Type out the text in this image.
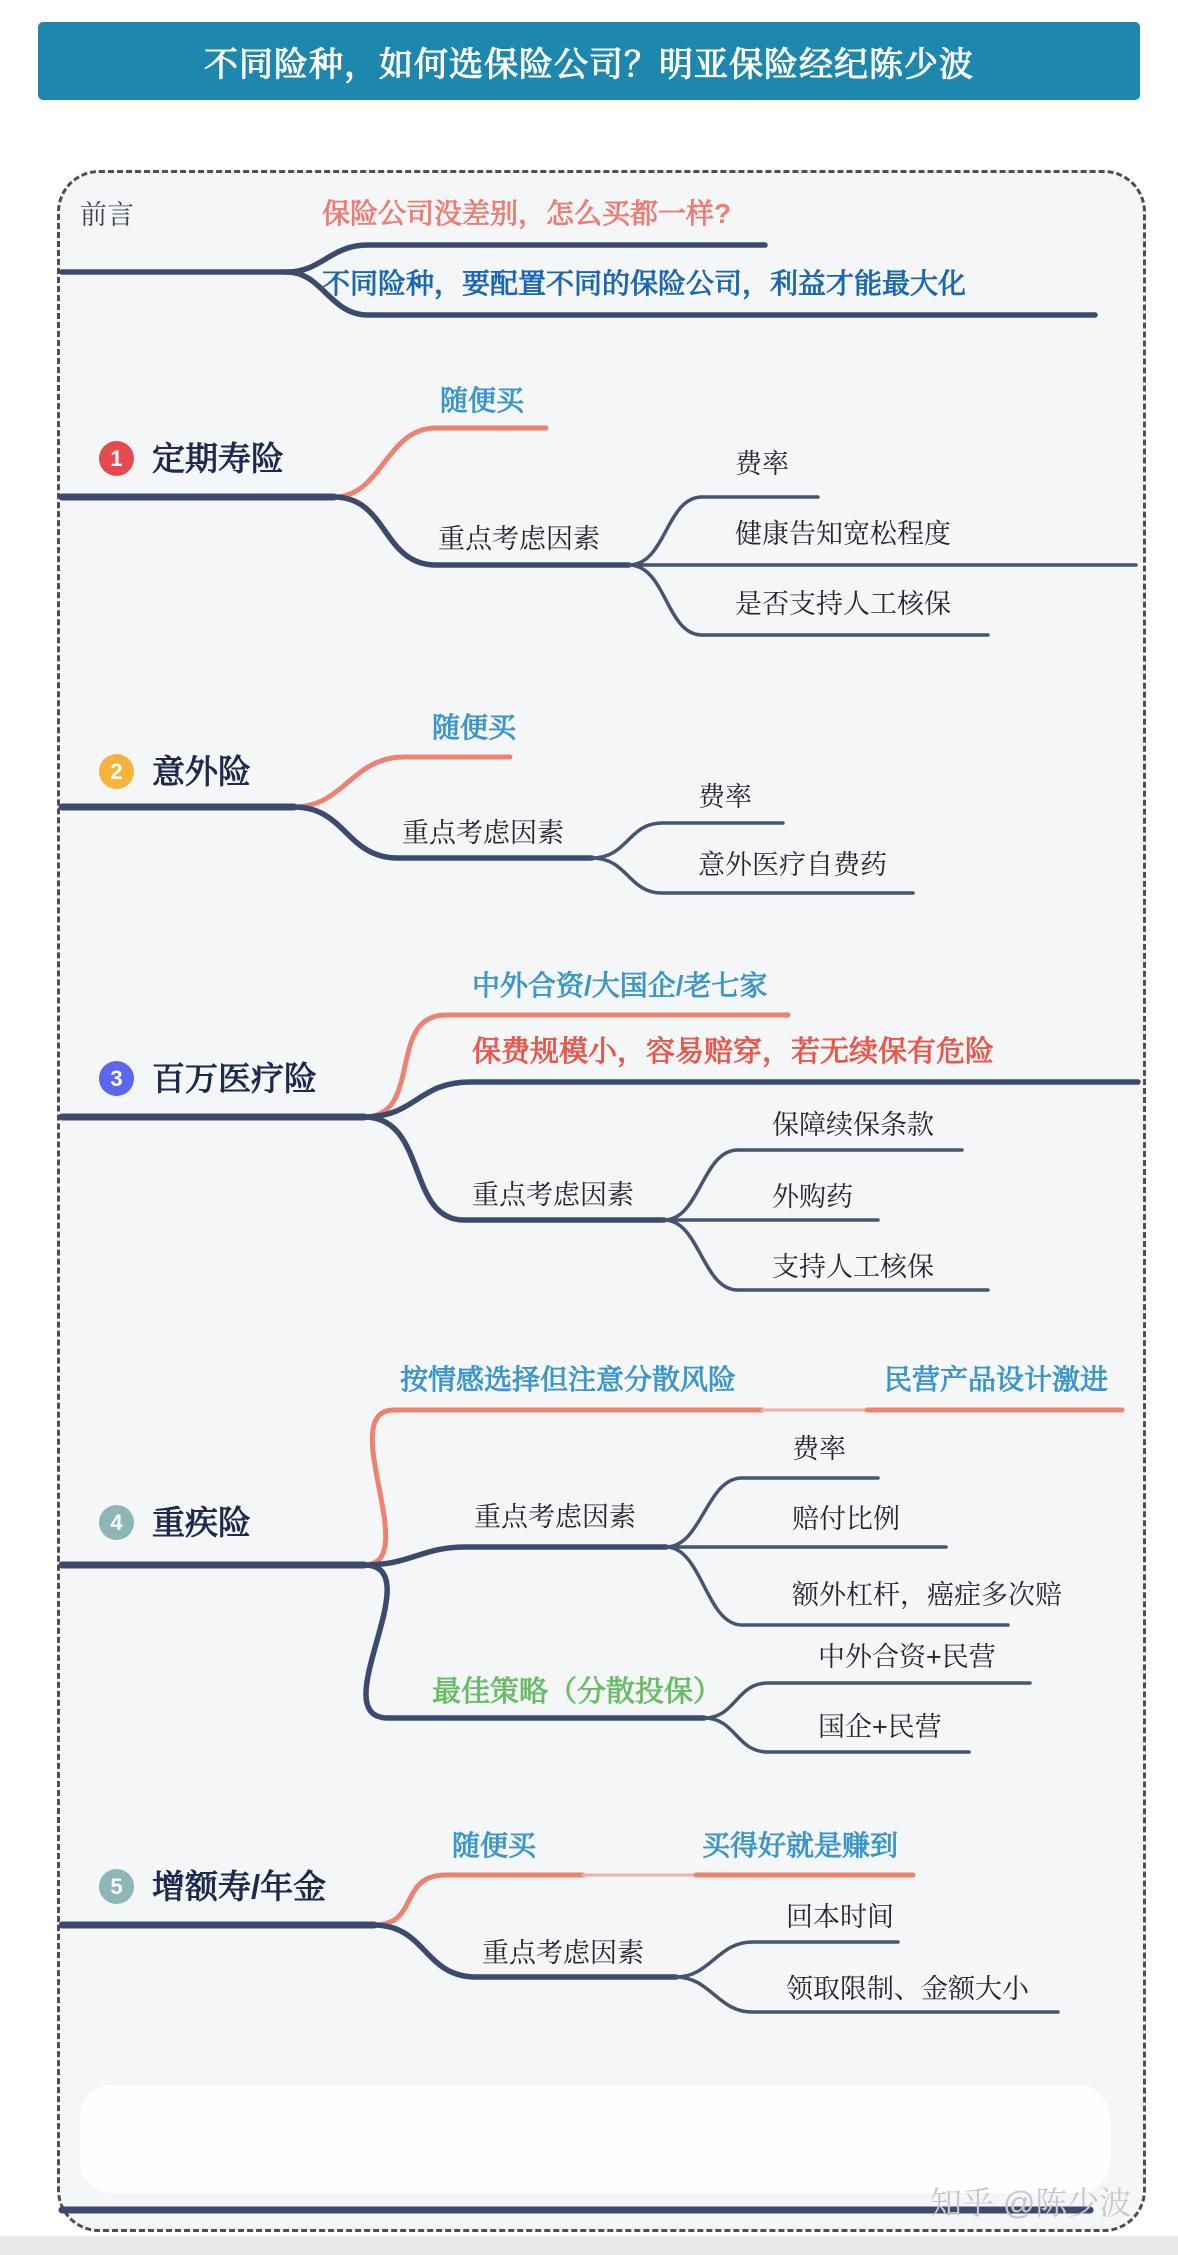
不同险种，如何选保险公司？明亚保险经纪陈少波
前言	保险公司没差别，怎么买都一样?
不同险种，要配置不同的保险公司，利益才能最大化
1 定期寿险
随便买
重点考虑因素
费率
健康告知宽松程度
是否支持人工核保
2 意外险
随便买
重点考虑因素
费率
意外医疗自费药
3 百万医疗险
中外合资/大国企/老七家
保费规模小，容易赔穿，若无续保有危险
重点考虑因素
保障续保条款
外购药
支持人工核保
4 重疾险
按情感选择但注意分散风险	民营产品设计激进
重点考虑因素
费率
赔付比例
额外杠杆，癌症多次赔
最佳策略（分散投保）
中外合资+民营
国企+民营
5 增额寿/年金
随便买	买得好就是赚到
重点考虑因素
回本时间
领取限制、金额大小
知乎 @陈少波
